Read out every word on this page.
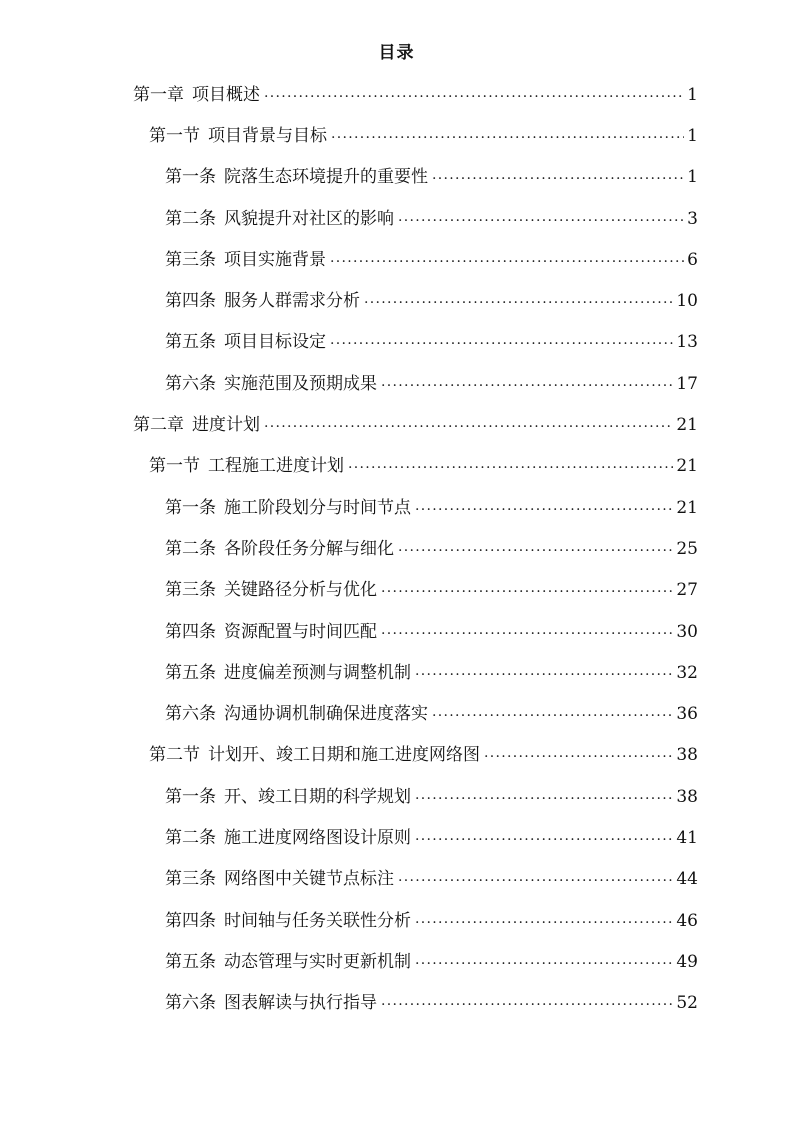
目录
第一章 项目概述 .....	1
第一节 项目背景与目标 .....	1
第一条 院落生态环境提升的重要性 .....	1
第二条 风貌提升对社区的影响 .....	3
第三条 项目实施背景 .....	6
第四条 服务人群需求分析 .....	10
第五条 项目目标设定 .....	13
第六条 实施范围及预期成果 .....	17
第二章 进度计划 .....	21
第一节 工程施工进度计划 .....	21
第一条 施工阶段划分与时间节点 .....	21
第二条 各阶段任务分解与细化 .....	25
第三条 关键路径分析与优化 .....	27
第四条 资源配置与时间匹配 .....	30
第五条 进度偏差预测与调整机制 .....	32
第六条 沟通协调机制确保进度落实 .....	36
第二节 计划开、竣工日期和施工进度网络图 .....	38
第一条 开、竣工日期的科学规划 .....	38
第二条 施工进度网络图设计原则 .....	41
第三条 网络图中关键节点标注 .....	44
第四条 时间轴与任务关联性分析 .....	46
第五条 动态管理与实时更新机制 .....	49
第六条 图表解读与执行指导 .....	52
